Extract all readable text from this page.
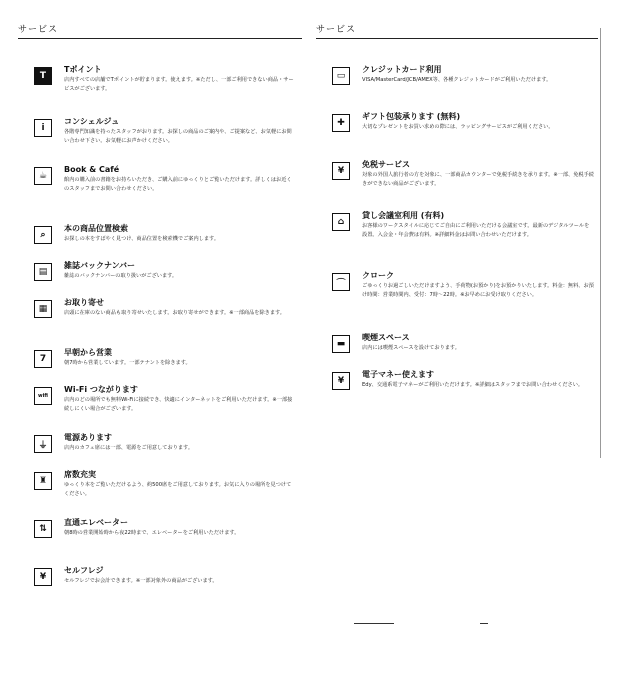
サービス	サービス
T
Tポイント
店内すべての店舗でTポイントが貯まります。使えます。※ただし、一部ご利用できない商品・サービスがございます。
i
コンシェルジュ
各階専門知識を持ったスタッフがおります。お探しの商品のご案内や、ご提案など、お気軽にお問い合わせ下さい。お気軽にお声かけください。
☕
Book & Café
館内の購入前の書籍をお持ちいただき、ご購入前にゆっくりとご覧いただけます。詳しくはお近くのスタッフまでお問い合わせください。
⌕
本の商品位置検索
お探しの本をすばやく見つけ、商品位置を検索機でご案内します。
▤
雑誌バックナンバー
雑誌のバックナンバーの取り扱いがございます。
▦
お取り寄せ
店頭に在庫のない商品も取り寄せいたします。お取り寄せができます。※一部商品を除きます。
7
早朝から営業
朝7時から営業しています。一部テナントを除きます。
wifi
Wi-Fi つながります
店内のどの場所でも無料Wi-Fiに接続でき、快適にインターネットをご利用いただけます。※一部接続しにくい場合がございます。
⏚
電源あります
店内のカフェ席には一部、電源をご用意しております。
♜
席数充実
ゆっくり本をご覧いただけるよう、約500席をご用意しております。お気に入りの場所を見つけてください。
⇅
直通エレベーター
朝8時の営業開始時から夜22時まで、エレベーターをご利用いただけます。
¥
セルフレジ
セルフレジでお会計できます。※一部対象外の商品がございます。
▭
クレジットカード利用
VISA/MasterCard/JCB/AMEX等、各種クレジットカードがご利用いただけます。
✚
ギフト包装承ります (無料)
大切なプレゼントをお買い求めの際には、ラッピングサービスがご利用ください。
¥
免税サービス
対象の外国人旅行者の方を対象に、一部商品カウンターで免税手続きを承ります。※一部、免税手続きができない商品がございます。
⌂
貸し会議室利用 (有料)
お客様のワークスタイルに応じてご自由にご利用いただける会議室です。最新のデジタルツールを設置。入会金・年会費は有料。※詳細料金はお問い合わせいただけます。
⌒
クローク
ごゆっくりお過ごしいただけますよう、手荷物(お預かり)をお預かりいたします。料金：無料、お預け時間：営業時間内、受付：7時〜22時。※お早めにお受け取りください。
▬
喫煙スペース
店内には喫煙スペースを設けております。
¥
電子マネー使えます
Edy、交通系電子マネーがご利用いただけます。※詳細はスタッフまでお問い合わせください。
